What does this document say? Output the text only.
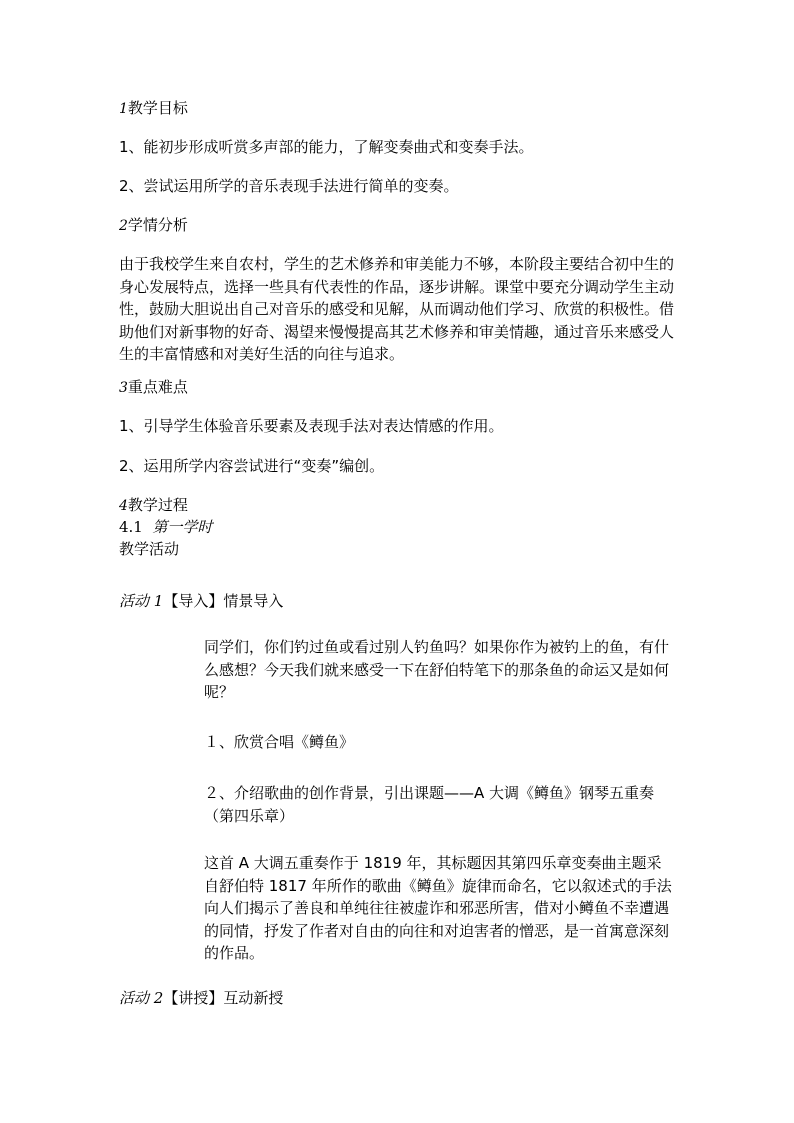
1教学目标
1、能初步形成听赏多声部的能力，了解变奏曲式和变奏手法。
2、尝试运用所学的音乐表现手法进行简单的变奏。
2学情分析
由于我校学生来自农村，学生的艺术修养和审美能力不够，本阶段主要结合初中生的身心发展特点，选择一些具有代表性的作品，逐步讲解。课堂中要充分调动学生主动性，鼓励大胆说出自己对音乐的感受和见解，从而调动他们学习、欣赏的积极性。借助他们对新事物的好奇、渴望来慢慢提高其艺术修养和审美情趣，通过音乐来感受人生的丰富情感和对美好生活的向往与追求。
3重点难点
1、引导学生体验音乐要素及表现手法对表达情感的作用。
2、运用所学内容尝试进行“变奏”编创。
4教学过程
4.1 第一学时
教学活动
活动 1【导入】情景导入
同学们，你们钓过鱼或看过别人钓鱼吗？如果你作为被钓上的鱼，有什么感想？今天我们就来感受一下在舒伯特笔下的那条鱼的命运又是如何呢？
１、欣赏合唱《鳟鱼》
２、介绍歌曲的创作背景，引出课题——A 大调《鳟鱼》钢琴五重奏（第四乐章）
这首 A 大调五重奏作于 1819 年，其标题因其第四乐章变奏曲主题采自舒伯特 1817 年所作的歌曲《鳟鱼》旋律而命名，它以叙述式的手法向人们揭示了善良和单纯往往被虚诈和邪恶所害，借对小鳟鱼不幸遭遇的同情，抒发了作者对自由的向往和对迫害者的憎恶，是一首寓意深刻的作品。
活动 2【讲授】互动新授
